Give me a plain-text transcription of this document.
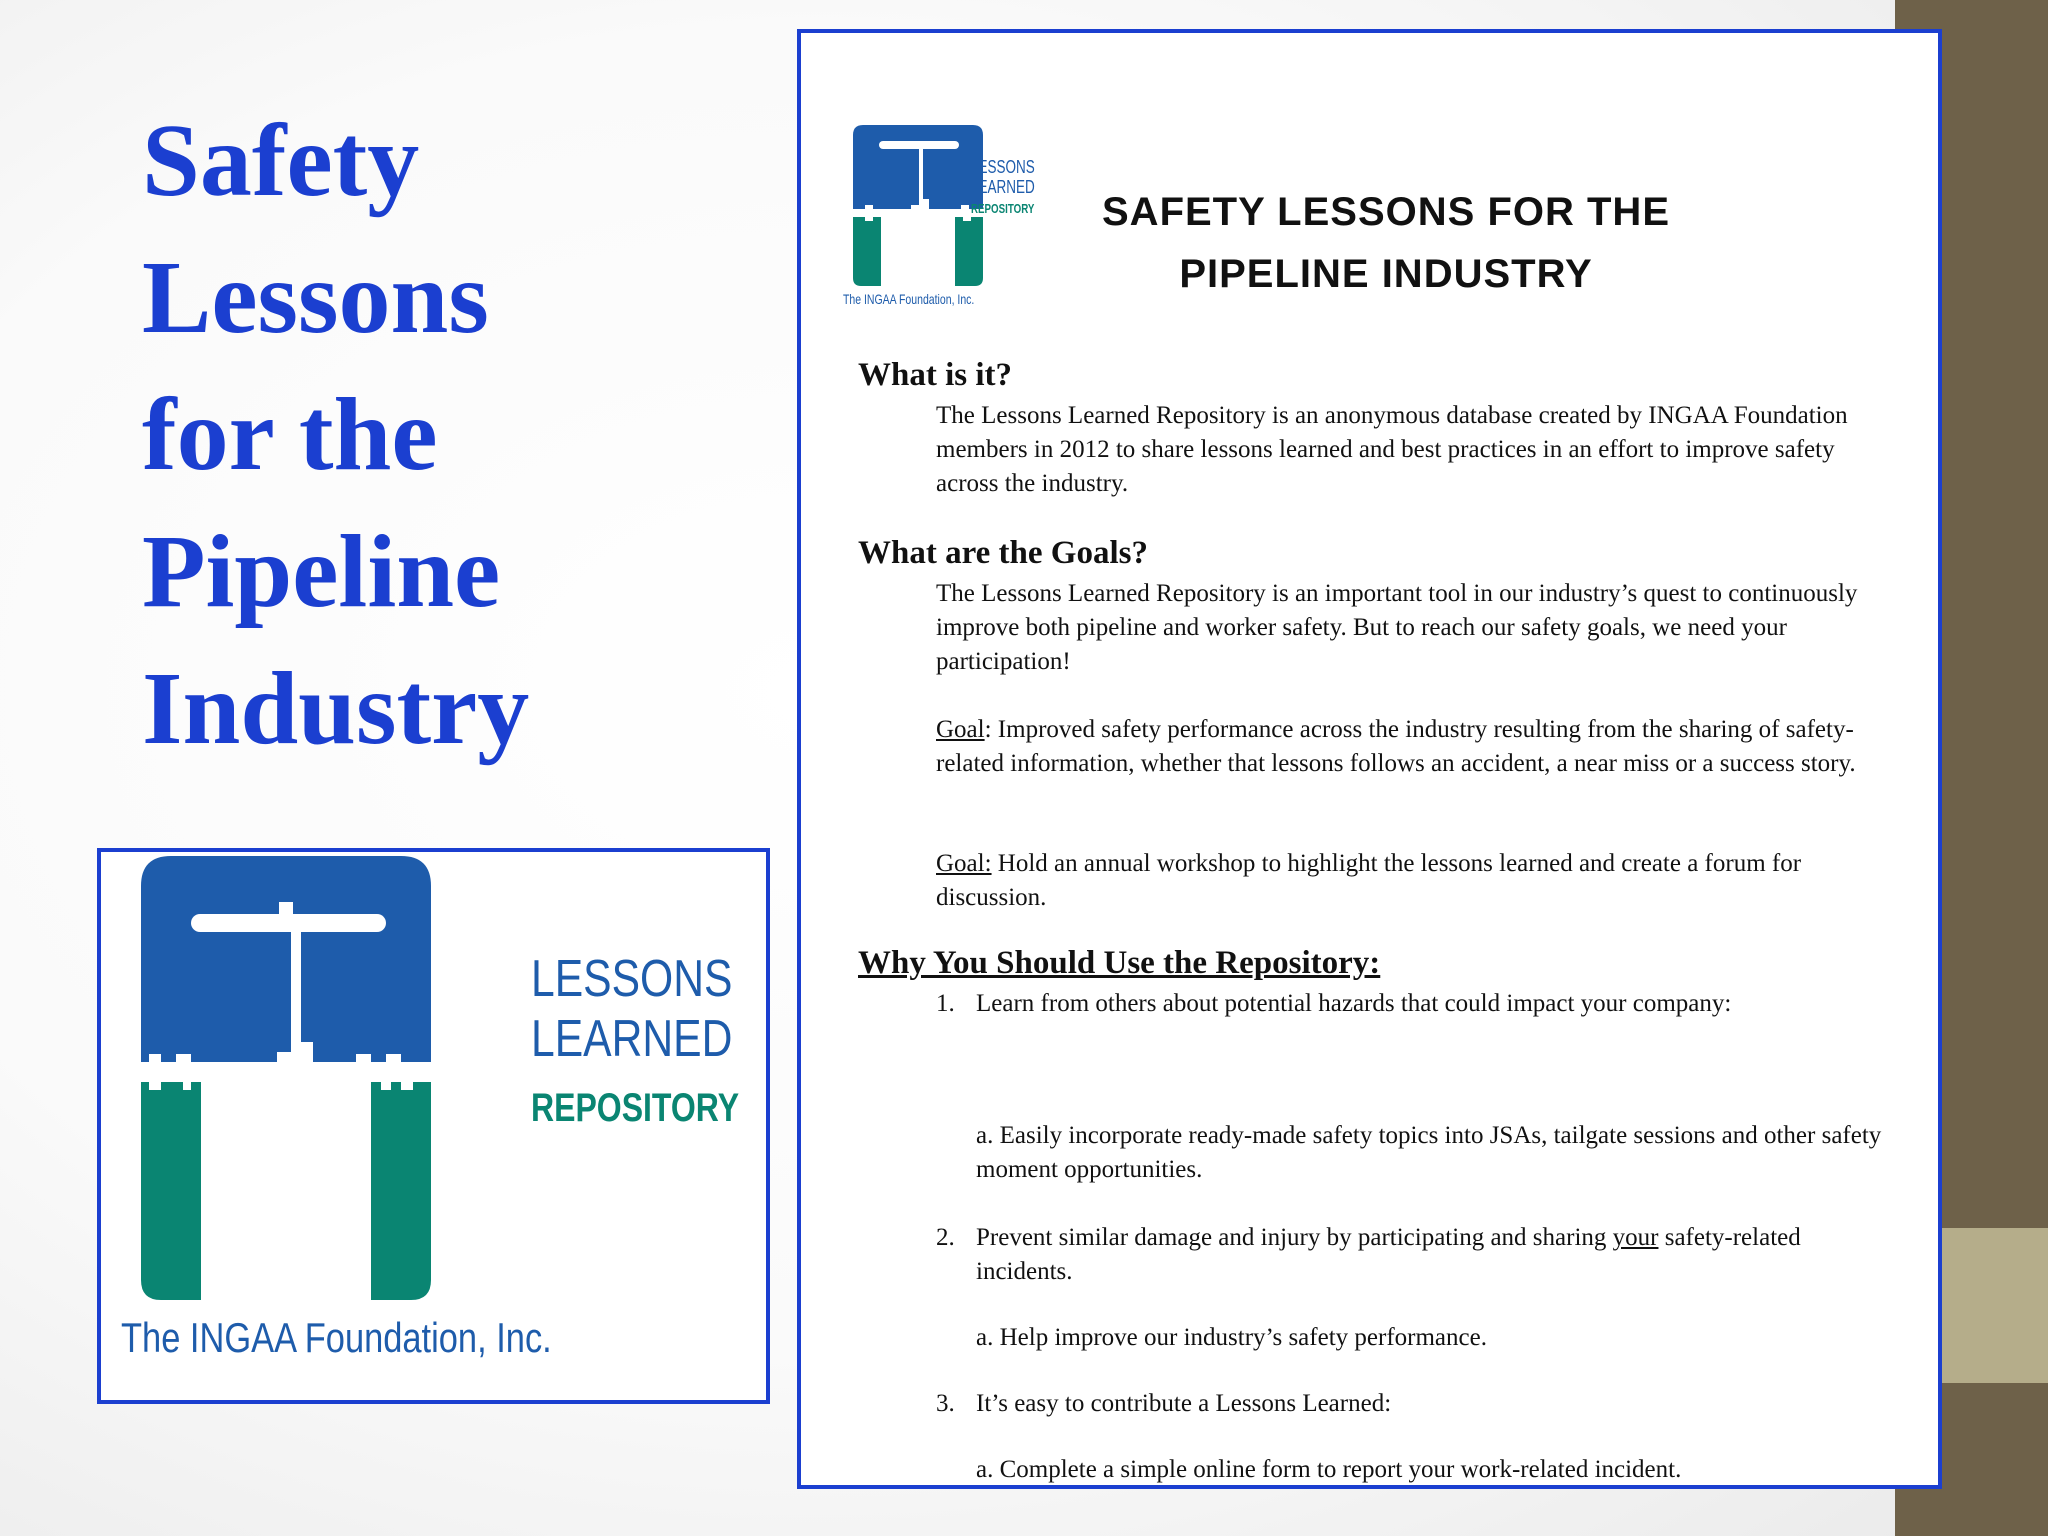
Safety
Lessons
for the
Pipeline
Industry
LESSONS
LEARNED
REPOSITORY
The INGAA Foundation, Inc.
LESSONS
LEARNED
REPOSITORY
The INGAA Foundation, Inc.
SAFETY LESSONS FOR THE
PIPELINE INDUSTRY
What is it?

The Lessons Learned Repository is an anonymous database created by INGAA Foundation members in 2012 to share lessons learned and best practices in an effort to improve safety across the industry.

What are the Goals?

The Lessons Learned Repository is an important tool in our industry’s quest to continuously improve both pipeline and worker safety. But to reach our safety goals, we need your participation!

Goal: Improved safety performance across the industry resulting from the sharing of safety-related information, whether that lessons follows an accident, a near miss or a success story.

Goal: Hold an annual workshop to highlight the lessons learned and create a forum for discussion.

Why You Should Use the Repository:
1. Learn from others about potential hazards that could impact your company:

a. Easily incorporate ready-made safety topics into JSAs, tailgate sessions and other safety moment opportunities.

2. Prevent similar damage and injury by participating and sharing your safety-related incidents.

a. Help improve our industry’s safety performance.

3. It’s easy to contribute a Lessons Learned:

a. Complete a simple online form to report your work-related incident.
